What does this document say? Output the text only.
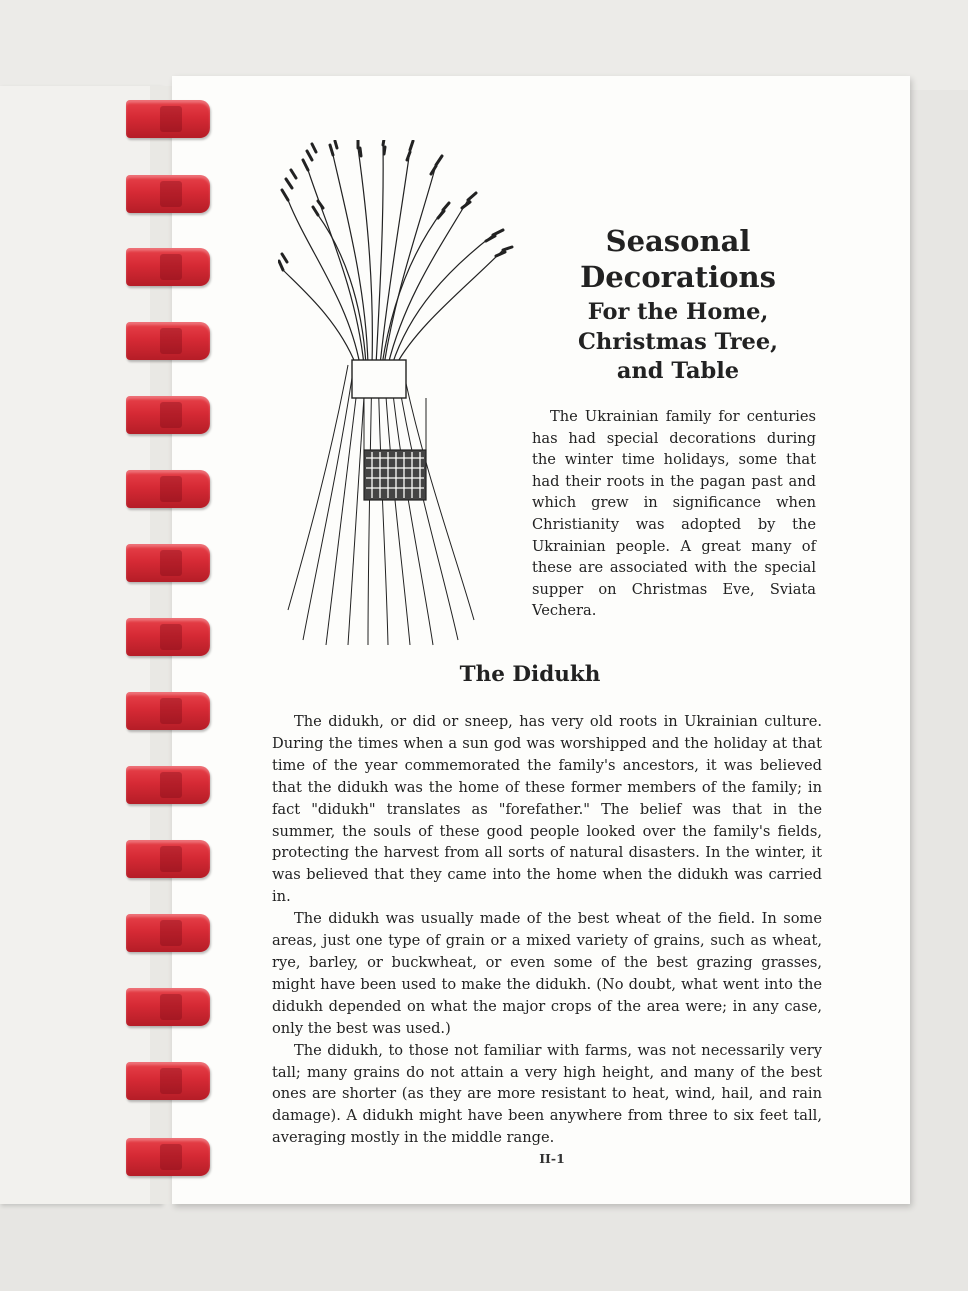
Seasonal
Decorations
For the Home,
Christmas Tree,
and Table

The Ukrainian family for centuries has had special decorations during the winter time holidays, some that had their roots in the pagan past and which grew in significance when Christianity was adopted by the Ukrainian people. A great many of these are associated with the special supper on Christmas Eve, Sviata Vechera.

The Didukh

The didukh, or did or sneep, has very old roots in Ukrainian culture. During the times when a sun god was worshipped and the holiday at that time of the year commemorated the family's ancestors, it was believed that the didukh was the home of these former members of the family; in fact "didukh" translates as "forefather." The belief was that in the summer, the souls of these good people looked over the family's fields, protecting the harvest from all sorts of natural disasters. In the winter, it was believed that they came into the home when the didukh was carried in.

The didukh was usually made of the best wheat of the field. In some areas, just one type of grain or a mixed variety of grains, such as wheat, rye, barley, or buckwheat, or even some of the best grazing grasses, might have been used to make the didukh. (No doubt, what went into the didukh depended on what the major crops of the area were; in any case, only the best was used.)

The didukh, to those not familiar with farms, was not necessarily very tall; many grains do not attain a very high height, and many of the best ones are shorter (as they are more resistant to heat, wind, hail, and rain damage). A didukh might have been anywhere from three to six feet tall, averaging mostly in the middle range.

II-1
